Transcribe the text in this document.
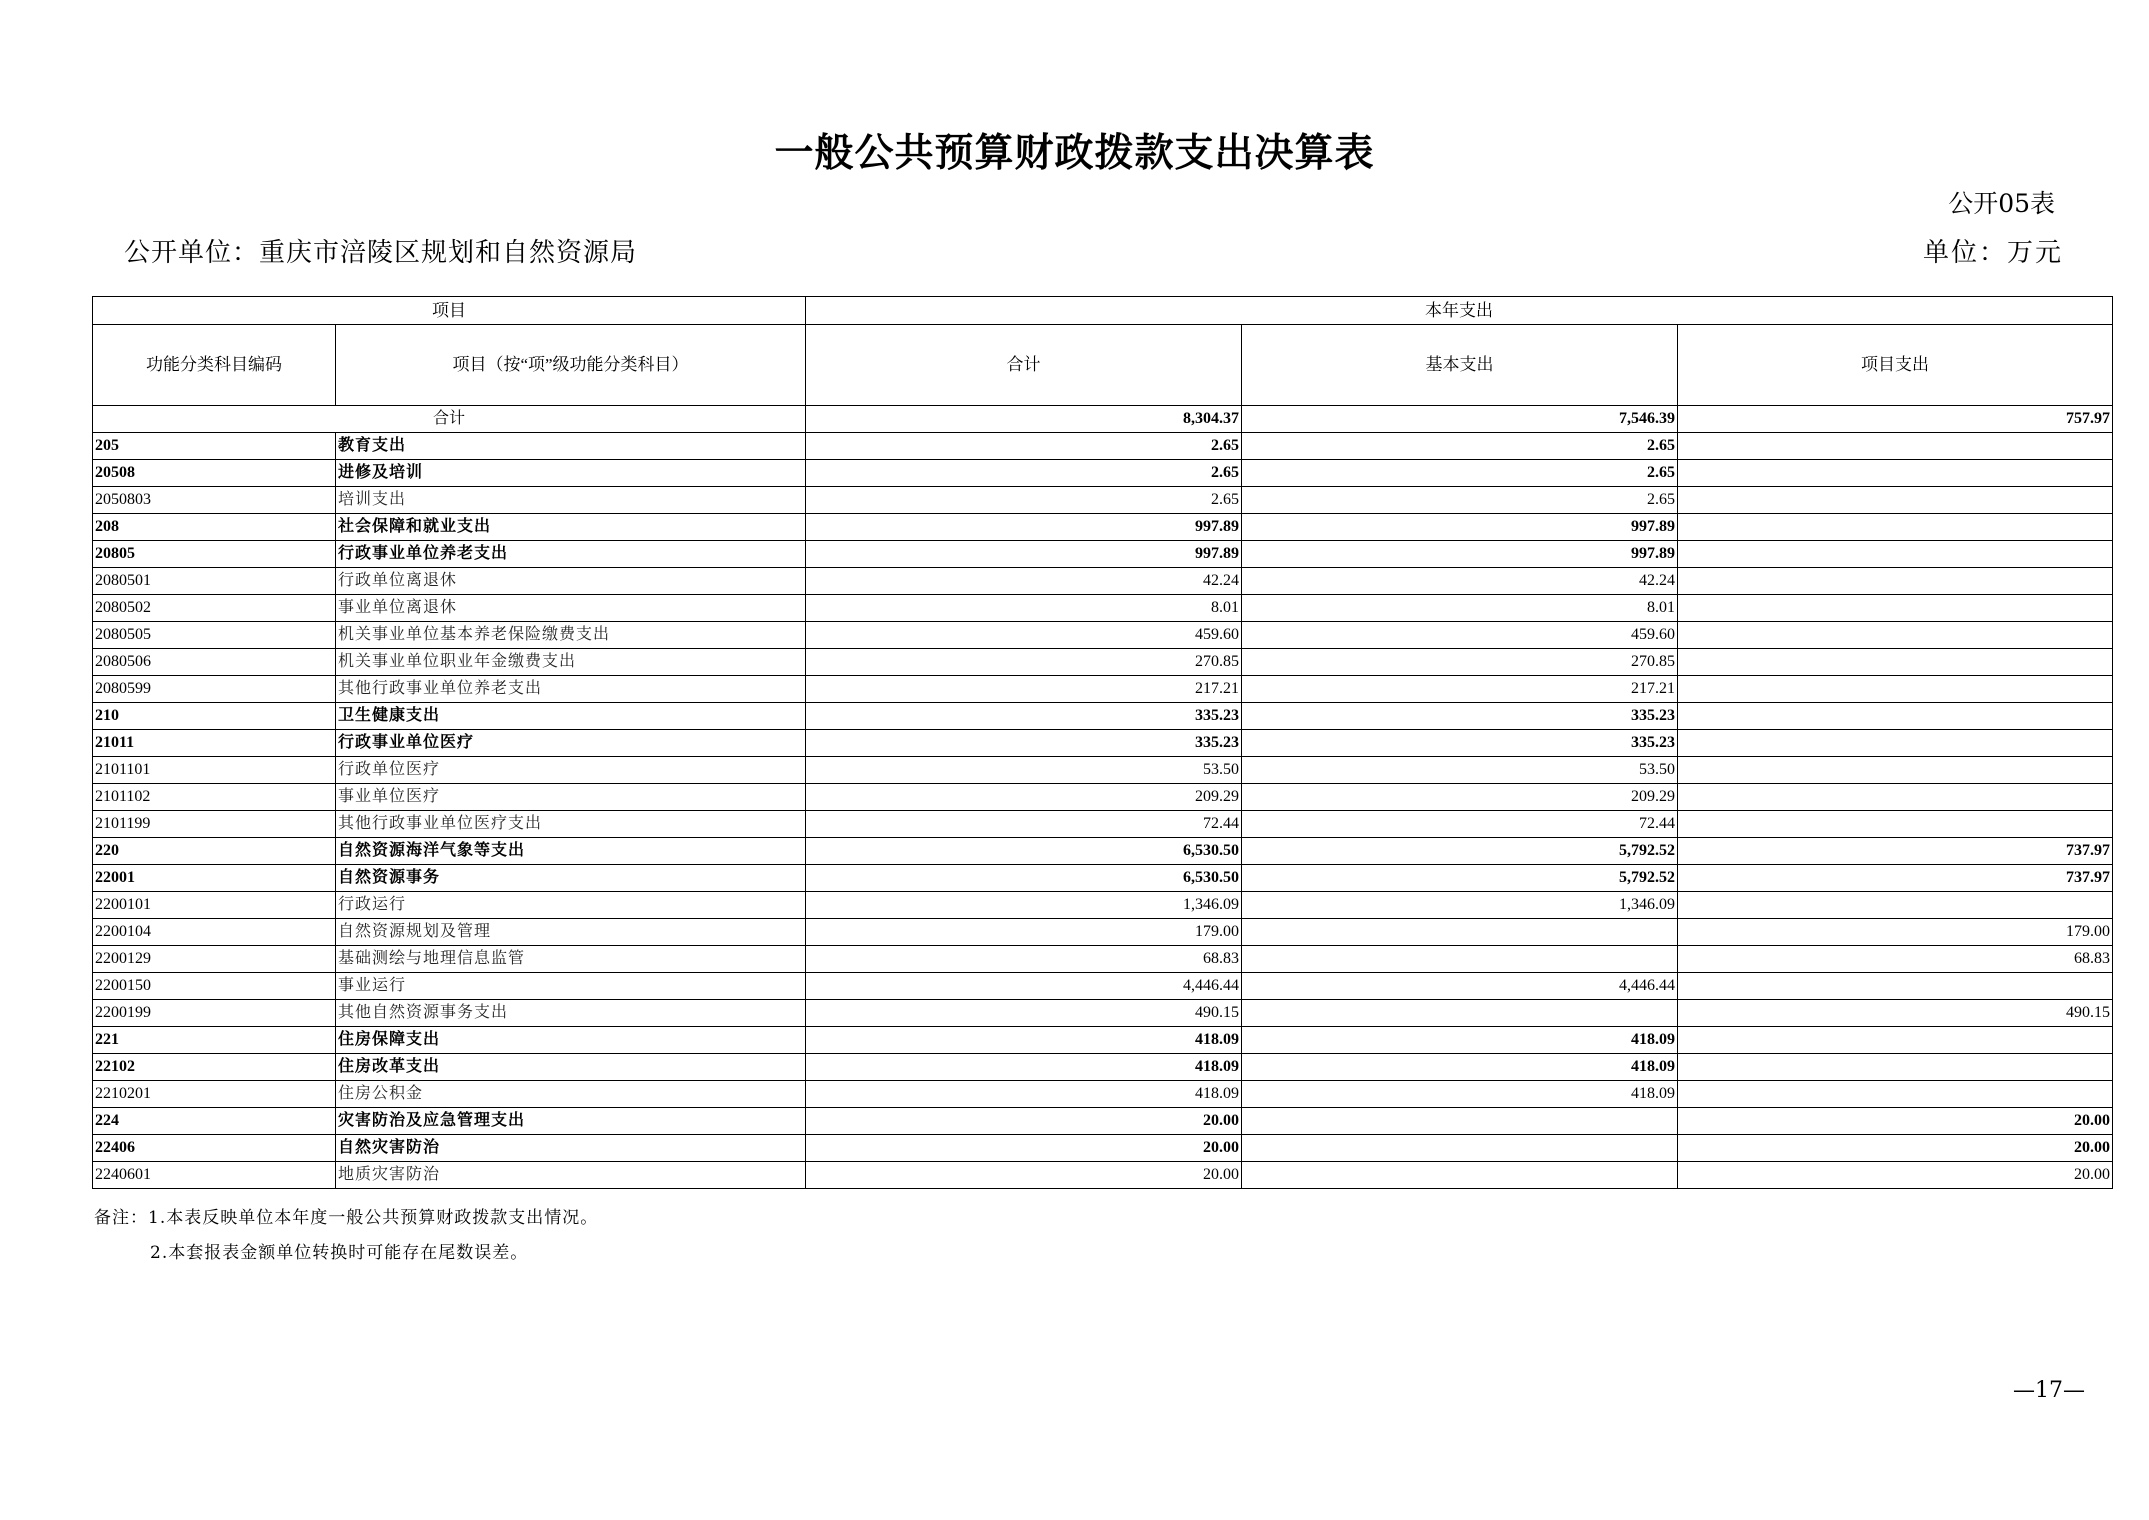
一般公共预算财政拨款支出决算表
公开05表
公开单位：重庆市涪陵区规划和自然资源局	单位：万元
项目		本年支出		
功能分类科目编码	项目（按“项”级功能分类科目）	合计	基本支出	项目支出
合计		8,304.37	7,546.39	757.97
205	教育支出	2.65	2.65	
20508	进修及培训	2.65	2.65	
2050803	培训支出	2.65	2.65	
208	社会保障和就业支出	997.89	997.89	
20805	行政事业单位养老支出	997.89	997.89	
2080501	行政单位离退休	42.24	42.24	
2080502	事业单位离退休	8.01	8.01	
2080505	机关事业单位基本养老保险缴费支出	459.60	459.60	
2080506	机关事业单位职业年金缴费支出	270.85	270.85	
2080599	其他行政事业单位养老支出	217.21	217.21	
210	卫生健康支出	335.23	335.23	
21011	行政事业单位医疗	335.23	335.23	
2101101	行政单位医疗	53.50	53.50	
2101102	事业单位医疗	209.29	209.29	
2101199	其他行政事业单位医疗支出	72.44	72.44	
220	自然资源海洋气象等支出	6,530.50	5,792.52	737.97
22001	自然资源事务	6,530.50	5,792.52	737.97
2200101	行政运行	1,346.09	1,346.09	
2200104	自然资源规划及管理	179.00		179.00
2200129	基础测绘与地理信息监管	68.83		68.83
2200150	事业运行	4,446.44	4,446.44	
2200199	其他自然资源事务支出	490.15		490.15
221	住房保障支出	418.09	418.09	
22102	住房改革支出	418.09	418.09	
2210201	住房公积金	418.09	418.09	
224	灾害防治及应急管理支出	20.00		20.00
22406	自然灾害防治	20.00		20.00
2240601	地质灾害防治	20.00		20.00
备注：1.本表反映单位本年度一般公共预算财政拨款支出情况。
2.本套报表金额单位转换时可能存在尾数误差。
—17—
